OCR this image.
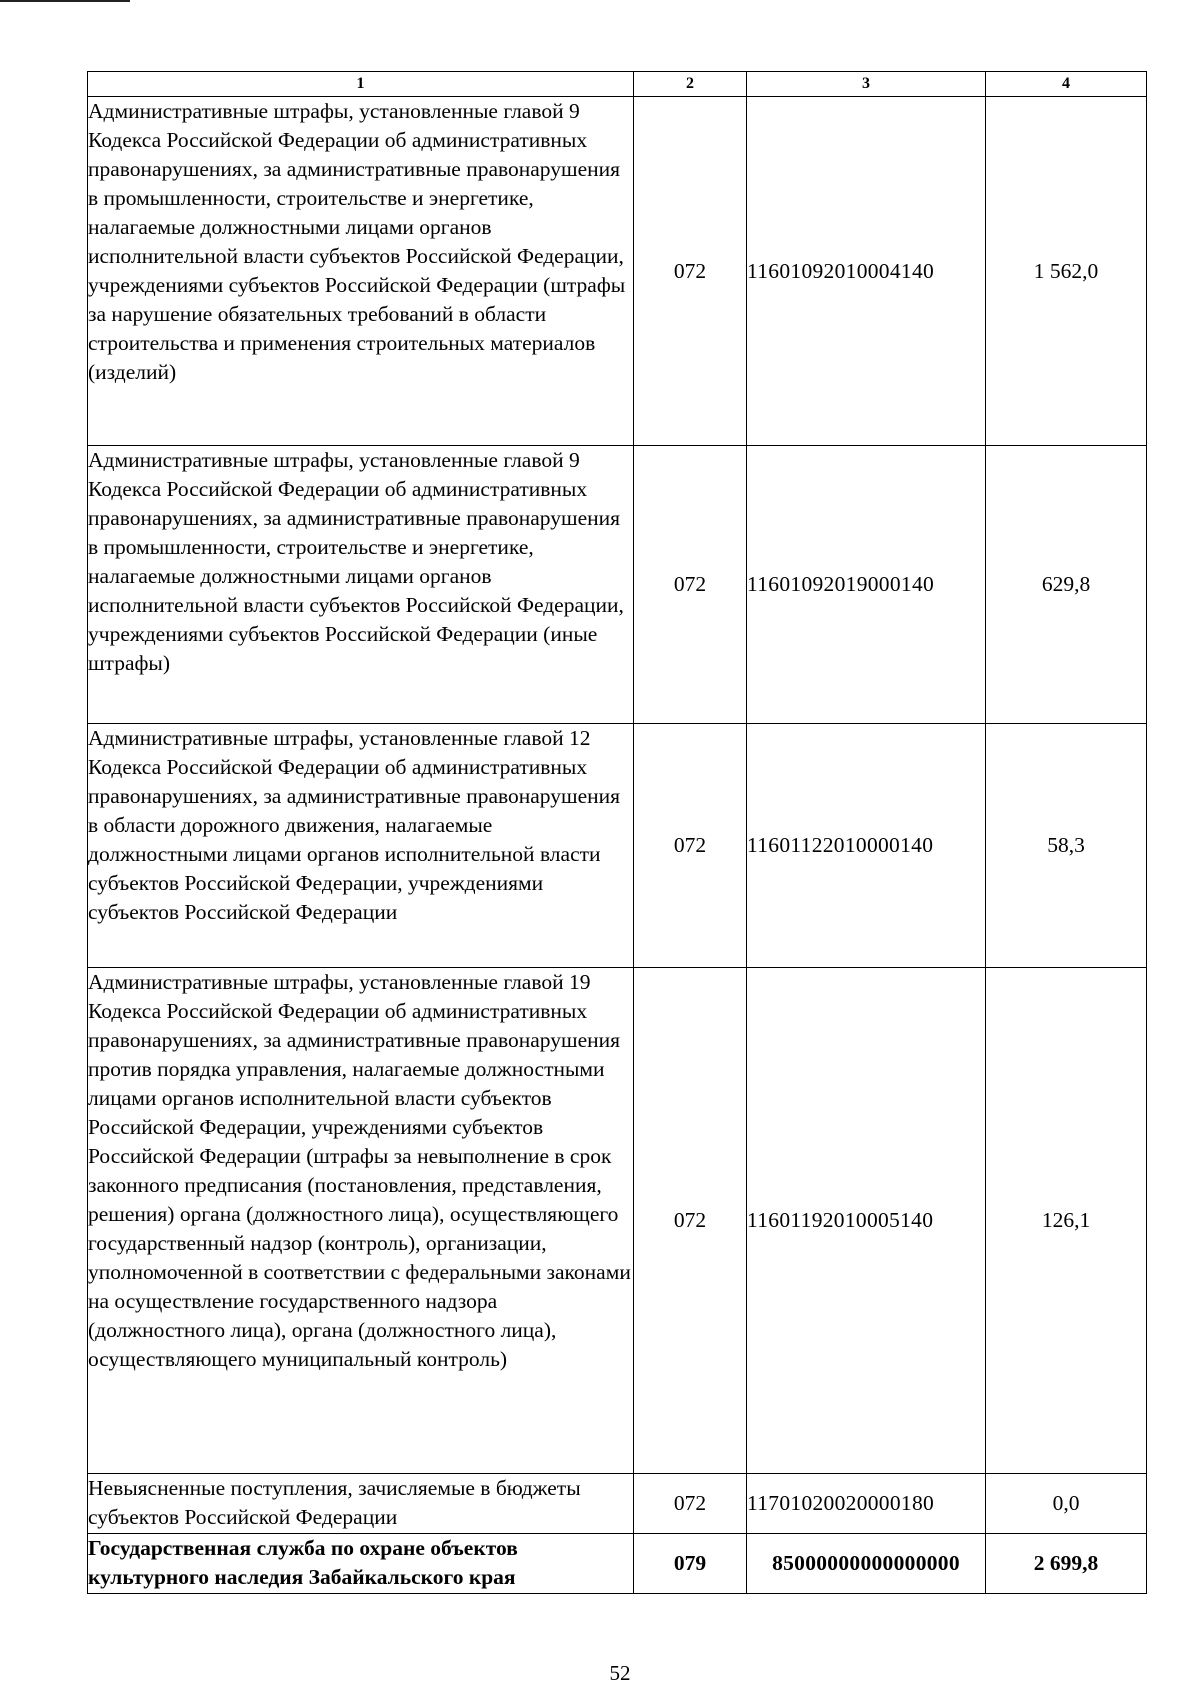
1	2	3	4
Административные штрафы, установленные главой 9 Кодекса Российской Федерации об административных правонарушениях, за административные правонарушения в промышленности, строительстве и энергетике, налагаемые должностными лицами органов исполнительной власти субъектов Российской Федерации, учреждениями субъектов Российской Федерации (штрафы за нарушение обязательных требований в области строительства и применения строительных материалов (изделий)	072	11601092010004140	1 562,0
Административные штрафы, установленные главой 9 Кодекса Российской Федерации об административных правонарушениях, за административные правонарушения в промышленности, строительстве и энергетике, налагаемые должностными лицами органов исполнительной власти субъектов Российской Федерации, учреждениями субъектов Российской Федерации (иные штрафы)	072	11601092019000140	629,8
Административные штрафы, установленные главой 12 Кодекса Российской Федерации об административных правонарушениях, за административные правонарушения в области дорожного движения, налагаемые должностными лицами органов исполнительной власти субъектов Российской Федерации, учреждениями субъектов Российской Федерации	072	11601122010000140	58,3
Административные штрафы, установленные главой 19 Кодекса Российской Федерации об административных правонарушениях, за административные правонарушения против порядка управления, налагаемые должностными лицами органов исполнительной власти субъектов Российской Федерации, учреждениями субъектов Российской Федерации (штрафы за невыполнение в срок законного предписания (постановления, представления, решения) органа (должностного лица), осуществляющего государственный надзор (контроль), организации, уполномоченной в соответствии с федеральными законами на осуществление государственного надзора (должностного лица), органа (должностного лица), осуществляющего муниципальный контроль)	072	11601192010005140	126,1
Невыясненные поступления, зачисляемые в бюджеты субъектов Российской Федерации	072	11701020020000180	0,0
Государственная служба по охране объектов культурного наследия Забайкальского края	079	85000000000000000	2 699,8
52
